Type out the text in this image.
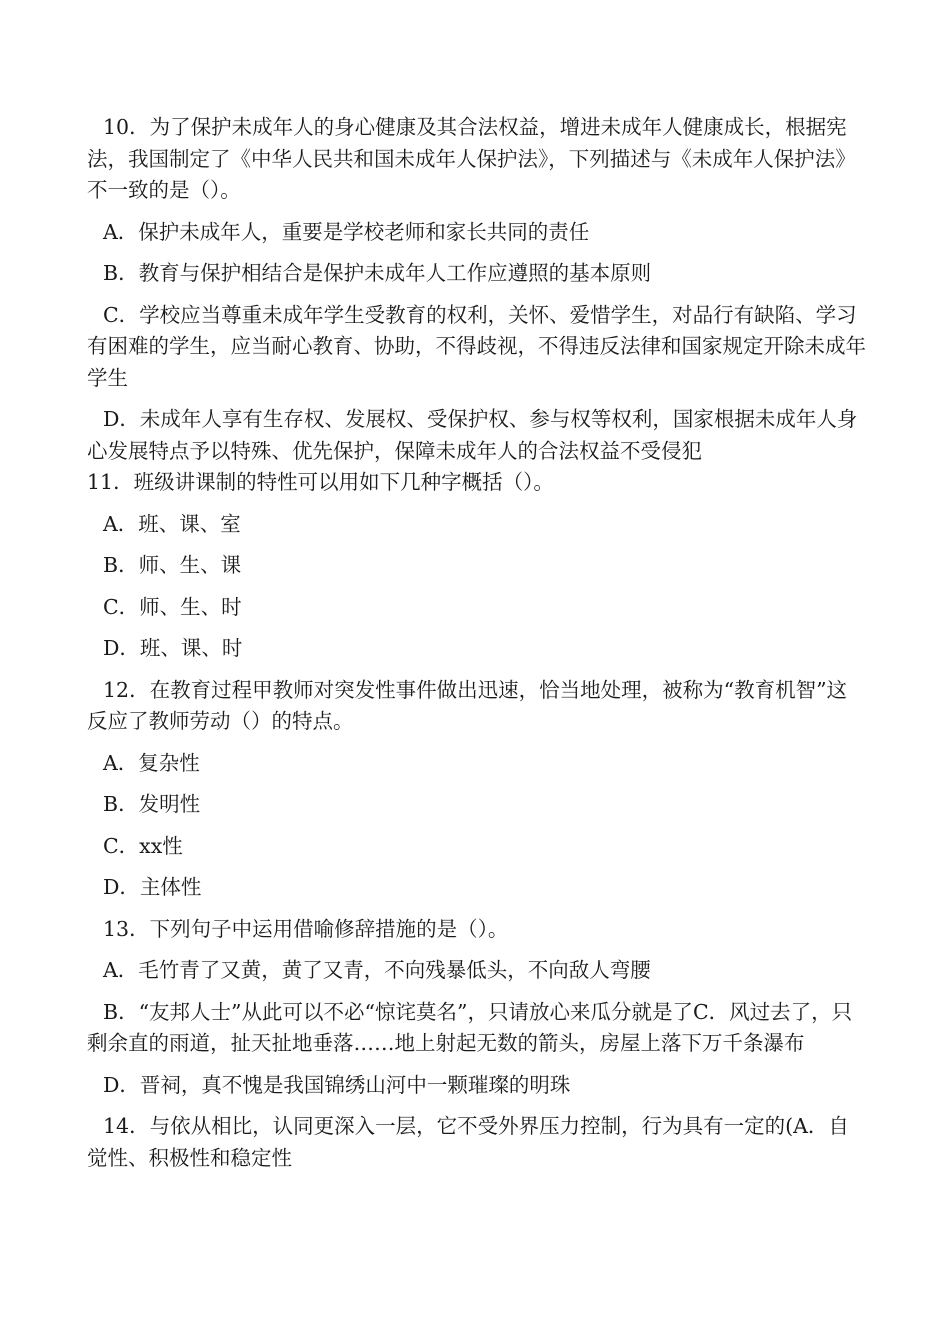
10．为了保护未成年人的身心健康及其合法权益，增进未成年人健康成长，根据宪法，我国制定了《中华人民共和国未成年人保护法》，下列描述与《未成年人保护法》不一致的是（）。

A．保护未成年人，重要是学校老师和家长共同的责任

B．教育与保护相结合是保护未成年人工作应遵照的基本原则

C．学校应当尊重未成年学生受教育的权利，关怀、爱惜学生，对品行有缺陷、学习有困难的学生，应当耐心教育、协助，不得歧视，不得违反法律和国家规定开除未成年学生

D．未成年人享有生存权、发展权、受保护权、参与权等权利，国家根据未成年人身心发展特点予以特殊、优先保护，保障未成年人的合法权益不受侵犯

11．班级讲课制的特性可以用如下几种字概括（）。

A．班、课、室

B．师、生、课

C．师、生、时

D．班、课、时

12．在教育过程甲教师对突发性事件做出迅速，恰当地处理，被称为“教育机智”这反应了教师劳动（）的特点。

A．复杂性

B．发明性

C．xx性

D．主体性

13．下列句子中运用借喻修辞措施的是（）。

A．毛竹青了又黄，黄了又青，不向残暴低头，不向敌人弯腰

B．“友邦人士”从此可以不必“惊诧莫名”，只请放心来瓜分就是了C．风过去了，只剩余直的雨道，扯天扯地垂落……地上射起无数的箭头，房屋上落下万千条瀑布

D．晋祠，真不愧是我国锦绣山河中一颗璀璨的明珠

14．与依从相比，认同更深入一层，它不受外界压力控制，行为具有一定的(A．自觉性、积极性和稳定性
